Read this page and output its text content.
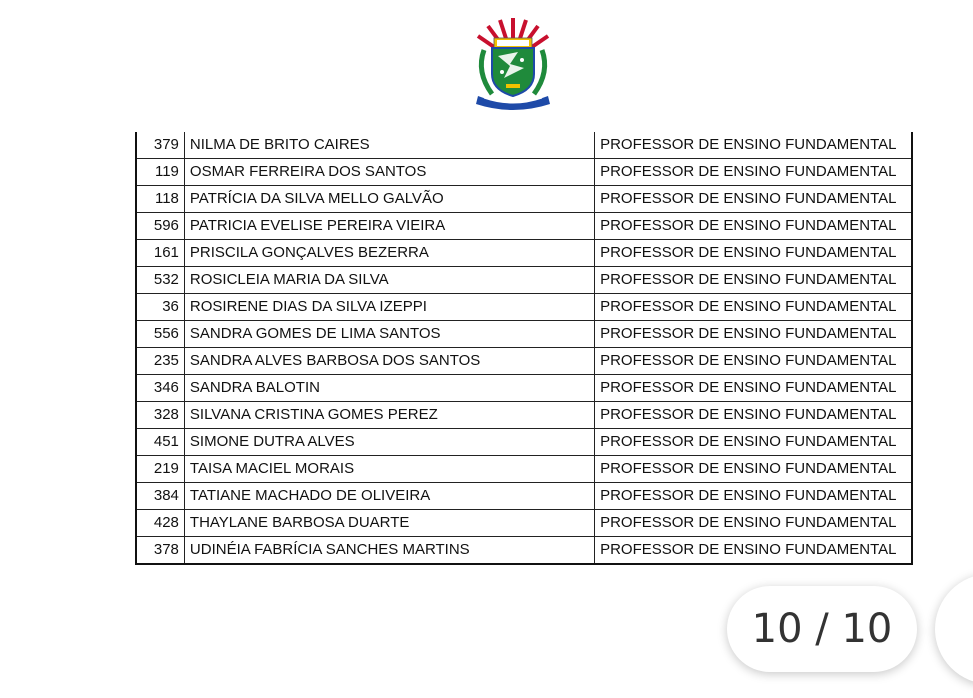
379	NILMA DE BRITO CAIRES	PROFESSOR DE ENSINO FUNDAMENTAL
119	OSMAR FERREIRA DOS SANTOS	PROFESSOR DE ENSINO FUNDAMENTAL
118	PATRÍCIA DA SILVA MELLO GALVÃO	PROFESSOR DE ENSINO FUNDAMENTAL
596	PATRICIA EVELISE PEREIRA VIEIRA	PROFESSOR DE ENSINO FUNDAMENTAL
161	PRISCILA GONÇALVES BEZERRA	PROFESSOR DE ENSINO FUNDAMENTAL
532	ROSICLEIA MARIA DA SILVA	PROFESSOR DE ENSINO FUNDAMENTAL
36	ROSIRENE DIAS DA SILVA IZEPPI	PROFESSOR DE ENSINO FUNDAMENTAL
556	SANDRA GOMES DE LIMA SANTOS	PROFESSOR DE ENSINO FUNDAMENTAL
235	SANDRA ALVES BARBOSA DOS SANTOS	PROFESSOR DE ENSINO FUNDAMENTAL
346	SANDRA BALOTIN	PROFESSOR DE ENSINO FUNDAMENTAL
328	SILVANA CRISTINA GOMES PEREZ	PROFESSOR DE ENSINO FUNDAMENTAL
451	SIMONE DUTRA ALVES	PROFESSOR DE ENSINO FUNDAMENTAL
219	TAISA MACIEL MORAIS	PROFESSOR DE ENSINO FUNDAMENTAL
384	TATIANE MACHADO DE OLIVEIRA	PROFESSOR DE ENSINO FUNDAMENTAL
428	THAYLANE BARBOSA DUARTE	PROFESSOR DE ENSINO FUNDAMENTAL
378	UDINÉIA FABRÍCIA SANCHES MARTINS	PROFESSOR DE ENSINO FUNDAMENTAL
10 / 10
